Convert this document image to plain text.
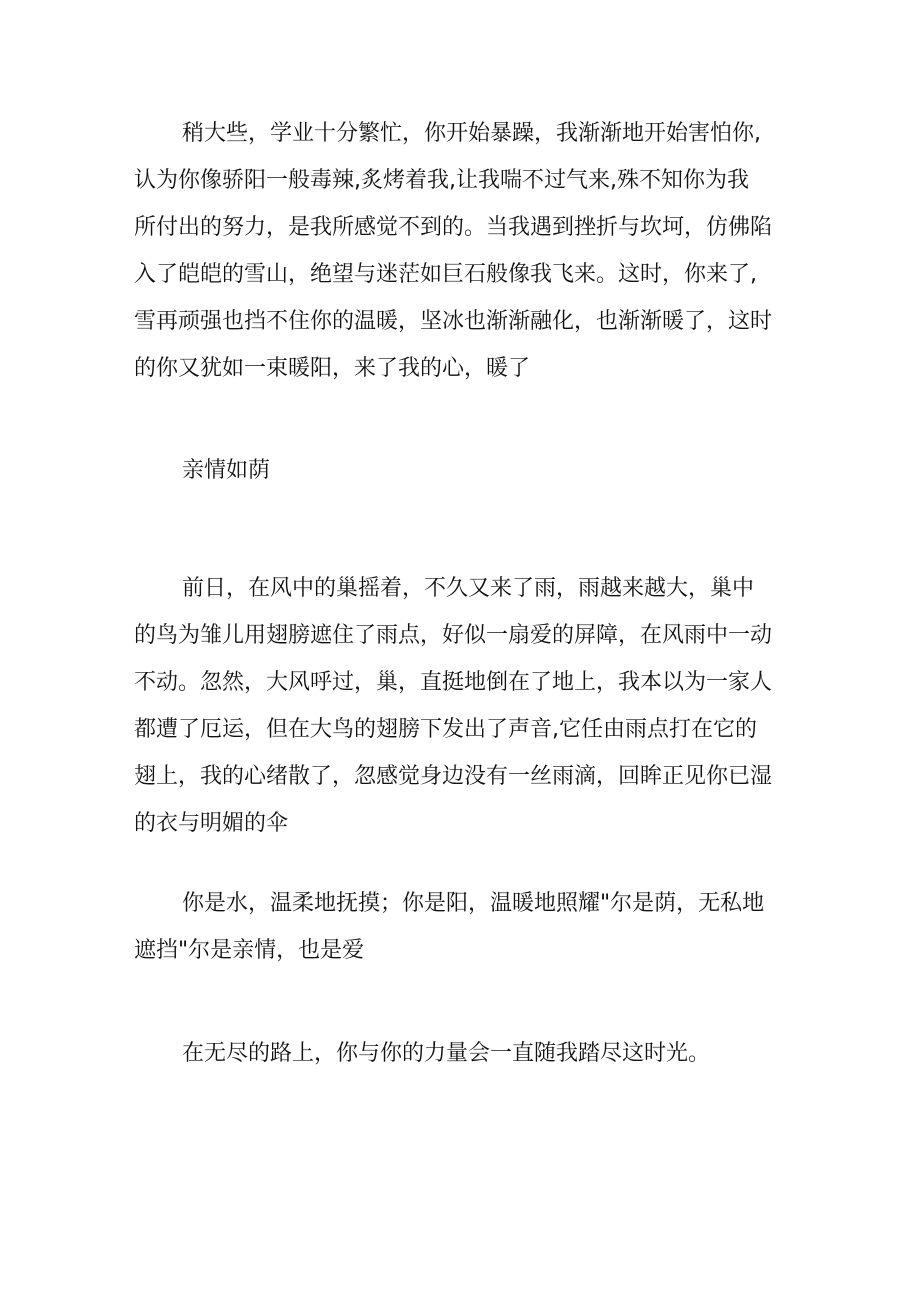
稍大些，学业十分繁忙，你开始暴躁，我渐渐地开始害怕你,
认为你像骄阳一般毒辣,炙烤着我,让我喘不过气来,殊不知你为我
所付出的努力，是我所感觉不到的。当我遇到挫折与坎坷，仿佛陷
入了皑皑的雪山，绝望与迷茫如巨石般像我飞来。这时，你来了,
雪再顽强也挡不住你的温暖，坚冰也渐渐融化，也渐渐暖了，这时
的你又犹如一束暖阳，来了我的心，暖了

亲情如荫

前日，在风中的巢摇着，不久又来了雨，雨越来越大，巢中
的鸟为雏儿用翅膀遮住了雨点，好似一扇爱的屏障，在风雨中一动
不动。忽然，大风呼过，巢，直挺地倒在了地上，我本以为一家人
都遭了厄运，但在大鸟的翅膀下发出了声音,它任由雨点打在它的
翅上，我的心绪散了，忽感觉身边没有一丝雨滴，回眸正见你已湿
的衣与明媚的伞

你是水，温柔地抚摸；你是阳，温暖地照耀"尔是荫，无私地
遮挡"尔是亲情，也是爱

在无尽的路上，你与你的力量会一直随我踏尽这时光。
